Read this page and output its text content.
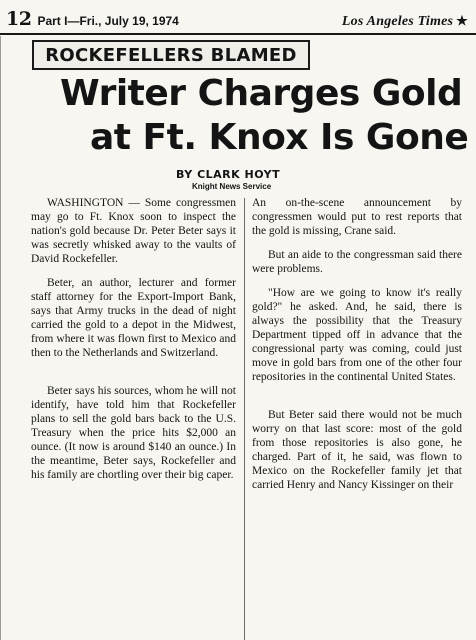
12 Part I—Fri., July 19, 1974	Los Angeles Times ★
ROCKEFELLERS BLAMED
Writer Charges Gold
at Ft. Knox Is Gone
BY CLARK HOYT
Knight News Service

WASHINGTON — Some congressmen may go to Ft. Knox soon to inspect the nation's gold because Dr. Peter Beter says it was secretly whisked away to the vaults of David Rockefeller.

Beter, an author, lecturer and former staff attorney for the Export-Import Bank, says that Army trucks in the dead of night carried the gold to a depot in the Midwest, from where it was flown first to Mexico and then to the Netherlands and Switzerland.

Beter says his sources, whom he will not identify, have told him that Rockefeller plans to sell the gold bars back to the U.S. Treasury when the price hits $2,000 an ounce. (It now is around $140 an ounce.) In the meantime, Beter says, Rockefeller and his family are chortling over their big caper.

An on-the-scene announcement by congressmen would put to rest reports that the gold is missing, Crane said.

But an aide to the congressman said there were problems.

"How are we going to know it's really gold?" he asked. And, he said, there is always the possibility that the Treasury Department tipped off in advance that the congressional party was coming, could just move in gold bars from one of the other four repositories in the continental United States.

But Beter said there would not be much worry on that last score: most of the gold from those repositories is also gone, he charged. Part of it, he said, was flown to Mexico on the Rockefeller family jet that carried Henry and Nancy Kissinger on their
